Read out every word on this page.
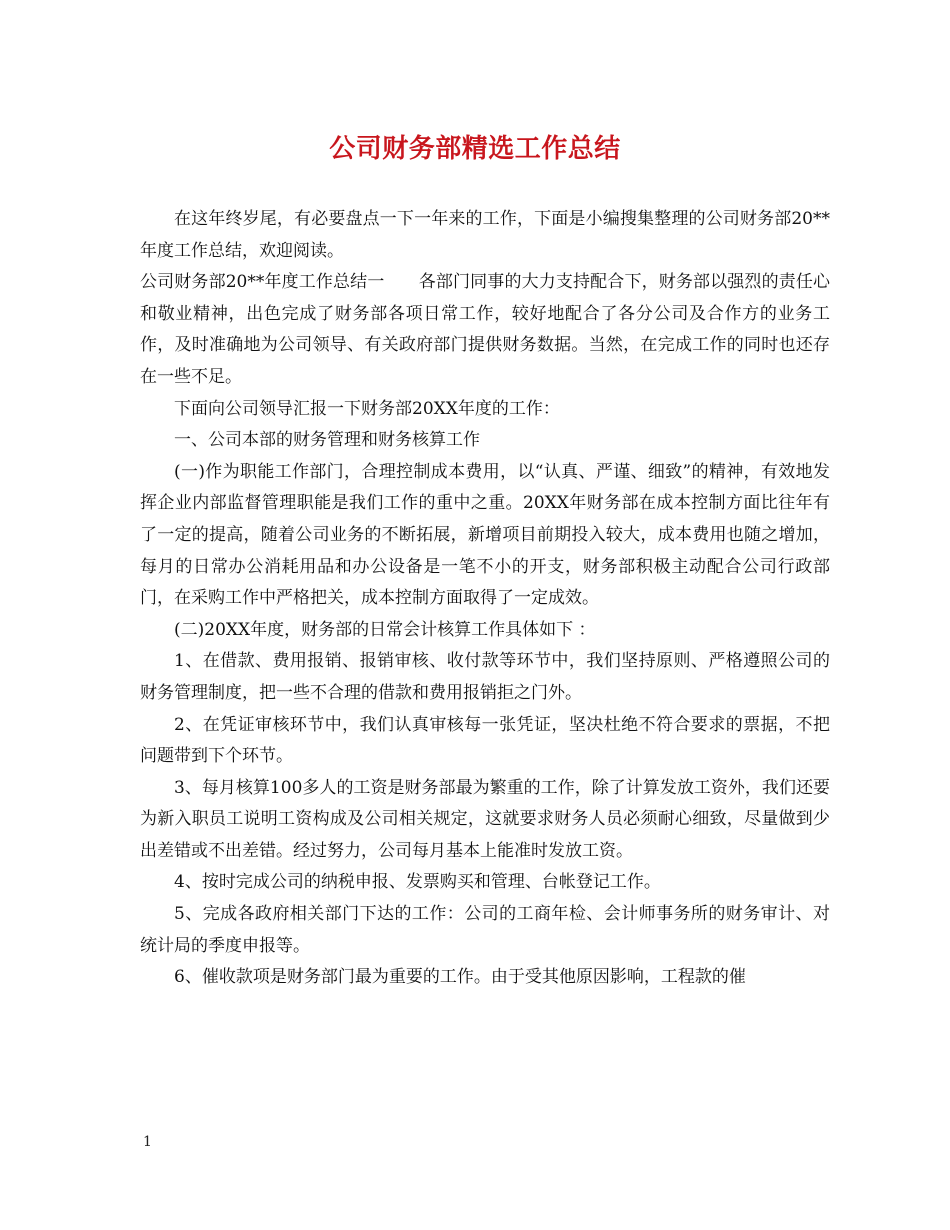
公司财务部精选工作总结

在这年终岁尾，有必要盘点一下一年来的工作，下面是小编搜集整理的公司财务部20**年度工作总结，欢迎阅读。

公司财务部20**年度工作总结一　　各部门同事的大力支持配合下，财务部以强烈的责任心和敬业精神，出色完成了财务部各项日常工作，较好地配合了各分公司及合作方的业务工作，及时准确地为公司领导、有关政府部门提供财务数据。当然，在完成工作的同时也还存在一些不足。

下面向公司领导汇报一下财务部20XX年度的工作：

一、公司本部的财务管理和财务核算工作

(一)作为职能工作部门，合理控制成本费用，以“认真、严谨、细致”的精神，有效地发挥企业内部监督管理职能是我们工作的重中之重。20XX年财务部在成本控制方面比往年有了一定的提高，随着公司业务的不断拓展，新增项目前期投入较大，成本费用也随之增加，每月的日常办公消耗用品和办公设备是一笔不小的开支，财务部积极主动配合公司行政部门，在采购工作中严格把关，成本控制方面取得了一定成效。

(二)20XX年度，财务部的日常会计核算工作具体如下 ：

1、在借款、费用报销、报销审核、收付款等环节中，我们坚持原则、严格遵照公司的财务管理制度，把一些不合理的借款和费用报销拒之门外。

2、在凭证审核环节中，我们认真审核每一张凭证，坚决杜绝不符合要求的票据，不把问题带到下个环节。

3、每月核算100多人的工资是财务部最为繁重的工作，除了计算发放工资外，我们还要为新入职员工说明工资构成及公司相关规定，这就要求财务人员必须耐心细致，尽量做到少出差错或不出差错。经过努力，公司每月基本上能准时发放工资。

4、按时完成公司的纳税申报、发票购买和管理、台帐登记工作。

5、完成各政府相关部门下达的工作：公司的工商年检、会计师事务所的财务审计、对统计局的季度申报等。

6、催收款项是财务部门最为重要的工作。由于受其他原因影响，工程款的催

1
